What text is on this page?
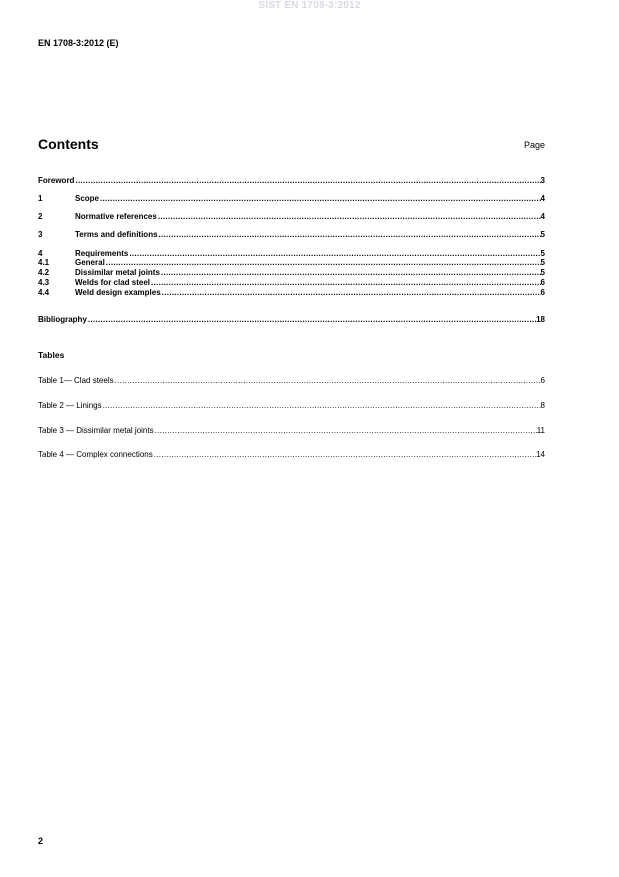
SIST EN 1708-3:2012
EN 1708-3:2012 (E)
Contents	Page
Foreword .....	3
1	Scope .....	4
2	Normative references .....	4
3	Terms and definitions .....	5
4	Requirements .....	5
4.1	General .....	5
4.2	Dissimilar metal joints .....	5
4.3	Welds for clad steel .....	6
4.4	Weld design examples .....	6
Bibliography .....	18
Tables
Table 1— Clad steels .....	6
Table 2 — Linings .....	8
Table 3 — Dissimilar metal joints .....	11
Table 4 — Complex connections .....	14
2
